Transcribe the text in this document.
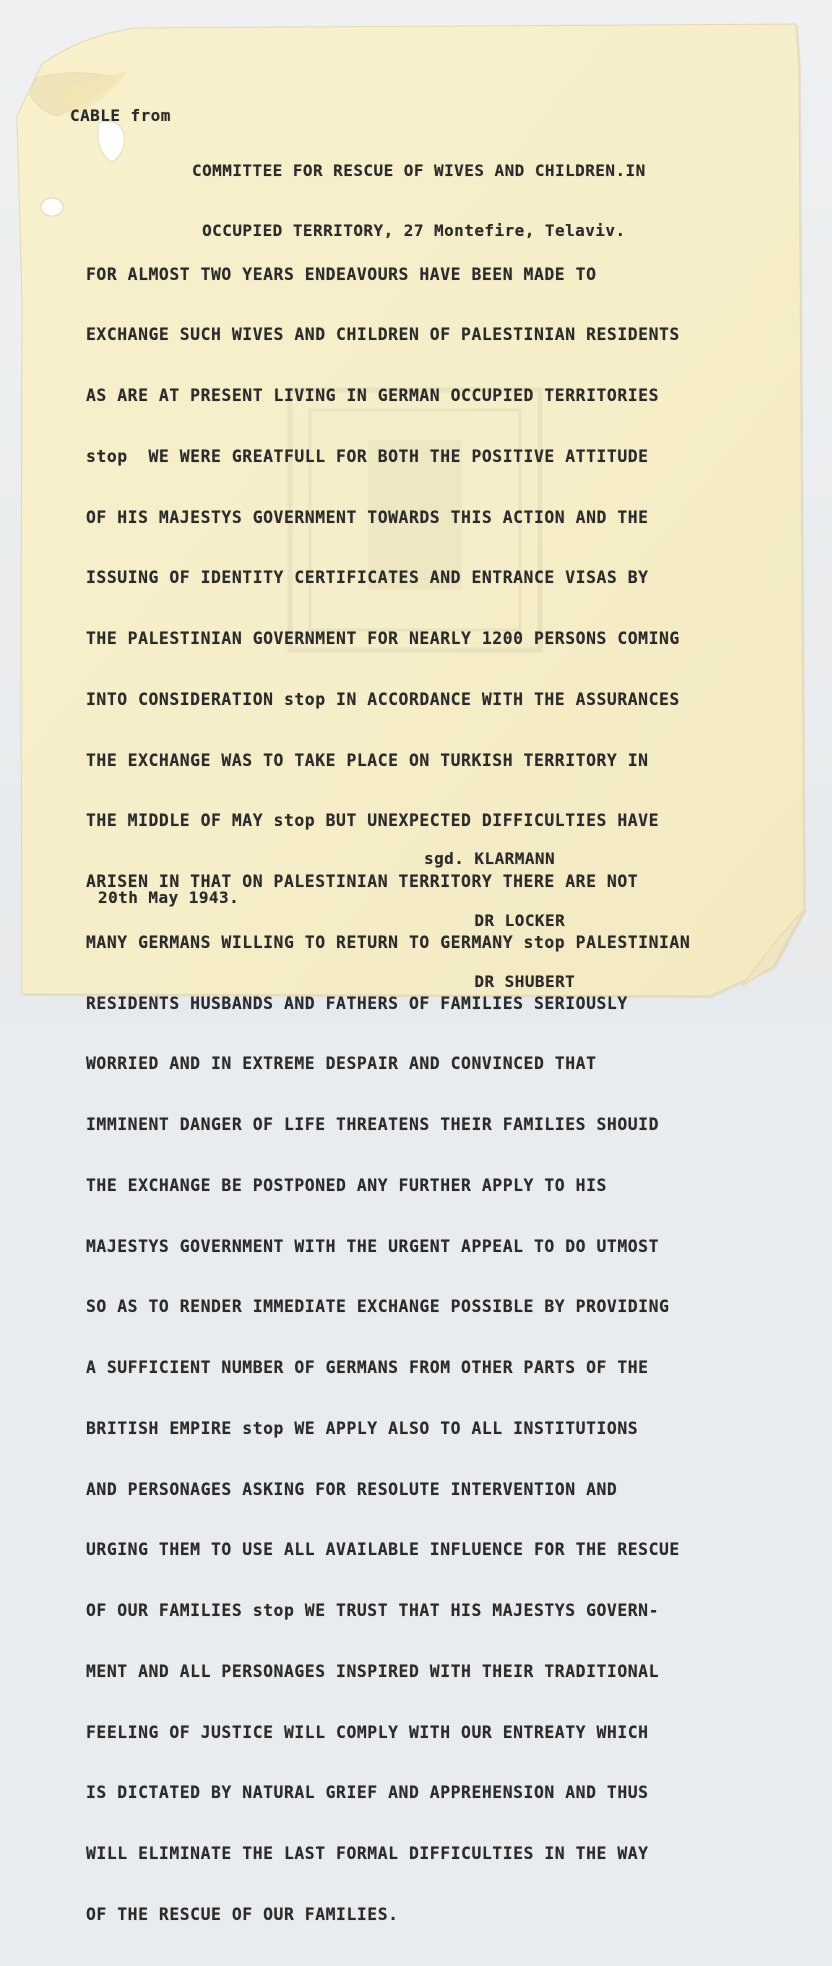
CABLE from

COMMITTEE FOR RESCUE OF WIVES AND CHILDREN.IN

OCCUPIED TERRITORY, 27 Montefire, Telaviv.

FOR ALMOST TWO YEARS ENDEAVOURS HAVE BEEN MADE TO

EXCHANGE SUCH WIVES AND CHILDREN OF PALESTINIAN RESIDENTS

AS ARE AT PRESENT LIVING IN GERMAN OCCUPIED TERRITORIES

stop  WE WERE GREATFULL FOR BOTH THE POSITIVE ATTITUDE

OF HIS MAJESTYS GOVERNMENT TOWARDS THIS ACTION AND THE

ISSUING OF IDENTITY CERTIFICATES AND ENTRANCE VISAS BY

THE PALESTINIAN GOVERNMENT FOR NEARLY 1200 PERSONS COMING

INTO CONSIDERATION stop IN ACCORDANCE WITH THE ASSURANCES

THE EXCHANGE WAS TO TAKE PLACE ON TURKISH TERRITORY IN

THE MIDDLE OF MAY stop BUT UNEXPECTED DIFFICULTIES HAVE

ARISEN IN THAT ON PALESTINIAN TERRITORY THERE ARE NOT

MANY GERMANS WILLING TO RETURN TO GERMANY stop PALESTINIAN

RESIDENTS HUSBANDS AND FATHERS OF FAMILIES SERIOUSLY

WORRIED AND IN EXTREME DESPAIR AND CONVINCED THAT

IMMINENT DANGER OF LIFE THREATENS THEIR FAMILIES SHOUID

THE EXCHANGE BE POSTPONED ANY FURTHER APPLY TO HIS

MAJESTYS GOVERNMENT WITH THE URGENT APPEAL TO DO UTMOST

SO AS TO RENDER IMMEDIATE EXCHANGE POSSIBLE BY PROVIDING

A SUFFICIENT NUMBER OF GERMANS FROM OTHER PARTS OF THE

BRITISH EMPIRE stop WE APPLY ALSO TO ALL INSTITUTIONS

AND PERSONAGES ASKING FOR RESOLUTE INTERVENTION AND

URGING THEM TO USE ALL AVAILABLE INFLUENCE FOR THE RESCUE

OF OUR FAMILIES stop WE TRUST THAT HIS MAJESTYS GOVERN-

MENT AND ALL PERSONAGES INSPIRED WITH THEIR TRADITIONAL

FEELING OF JUSTICE WILL COMPLY WITH OUR ENTREATY WHICH

IS DICTATED BY NATURAL GRIEF AND APPREHENSION AND THUS

WILL ELIMINATE THE LAST FORMAL DIFFICULTIES IN THE WAY

OF THE RESCUE OF OUR FAMILIES.

sgd. KLARMANN

DR LOCKER

DR SHUBERT

20th May 1943.
